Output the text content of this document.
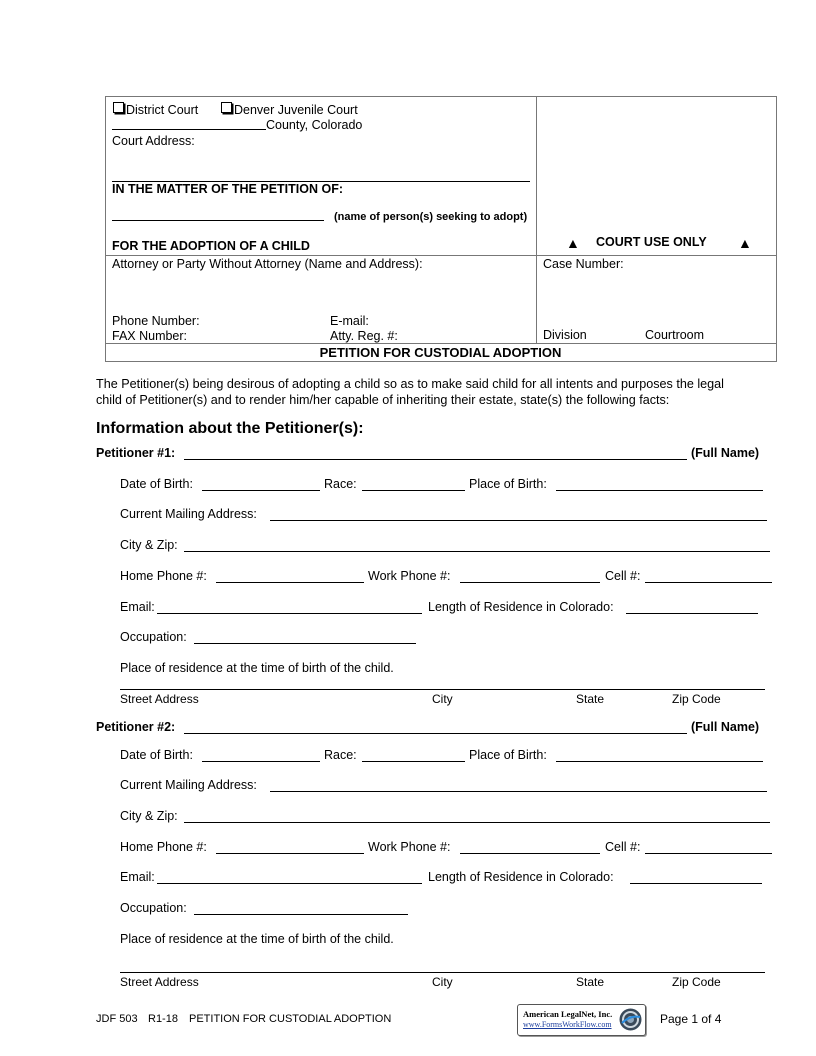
District Court	Denver Juvenile Court
County, Colorado
Court Address:
IN THE MATTER OF THE PETITION OF:
(name of person(s) seeking to adopt)
FOR THE ADOPTION OF A CHILD	▲ COURT USE ONLY ▲
Attorney or Party Without Attorney (Name and Address):	Case Number:
Phone Number:	E-mail:
FAX Number:	Atty. Reg. #:	Division	Courtroom
PETITION FOR CUSTODIAL ADOPTION
The Petitioner(s) being desirous of adopting a child so as to make said child for all intents and purposes the legal
child of Petitioner(s) and to render him/her capable of inheriting their estate, state(s) the following facts:
Information about the Petitioner(s):
Petitioner #1:	(Full Name)
Date of Birth:	Race:	Place of Birth:
Current Mailing Address:
City & Zip:
Home Phone #:	Work Phone #:	Cell #:
Email:	Length of Residence in Colorado:
Occupation:
Place of residence at the time of birth of the child.
Street Address	City	State	Zip Code
Petitioner #2:	(Full Name)
Date of Birth:	Race:	Place of Birth:
Current Mailing Address:
City & Zip:
Home Phone #:	Work Phone #:	Cell #:
Email:	Length of Residence in Colorado:
Occupation:
Place of residence at the time of birth of the child.
Street Address	City	State	Zip Code
JDF 503 R1-18 PETITION FOR CUSTODIAL ADOPTION	American LegalNet, Inc.
www.FormsWorkFlow.com	Page 1 of 4
